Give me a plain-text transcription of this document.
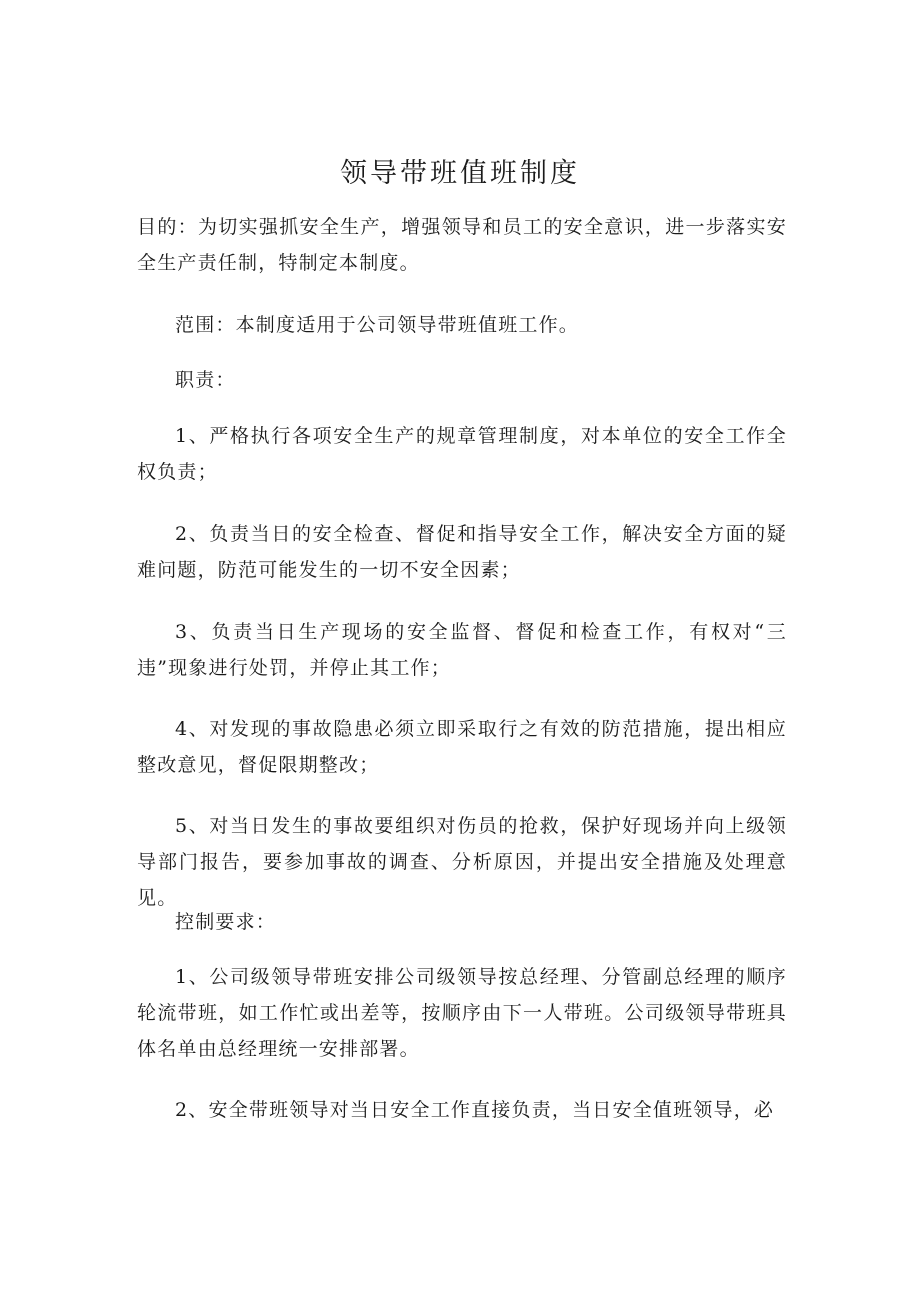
领导带班值班制度

目的：为切实强抓安全生产，增强领导和员工的安全意识，进一步落实安全生产责任制，特制定本制度。

范围：本制度适用于公司领导带班值班工作。

职责：

1、严格执行各项安全生产的规章管理制度，对本单位的安全工作全权负责；

2、负责当日的安全检查、督促和指导安全工作，解决安全方面的疑难问题，防范可能发生的一切不安全因素；

3、负责当日生产现场的安全监督、督促和检查工作，有权对“三违”现象进行处罚，并停止其工作；

4、对发现的事故隐患必须立即采取行之有效的防范措施，提出相应整改意见，督促限期整改；

5、对当日发生的事故要组织对伤员的抢救，保护好现场并向上级领导部门报告，要参加事故的调查、分析原因，并提出安全措施及处理意见。

控制要求：

1、公司级领导带班安排公司级领导按总经理、分管副总经理的顺序轮流带班，如工作忙或出差等，按顺序由下一人带班。公司级领导带班具体名单由总经理统一安排部署。

2、安全带班领导对当日安全工作直接负责，当日安全值班领导，必
